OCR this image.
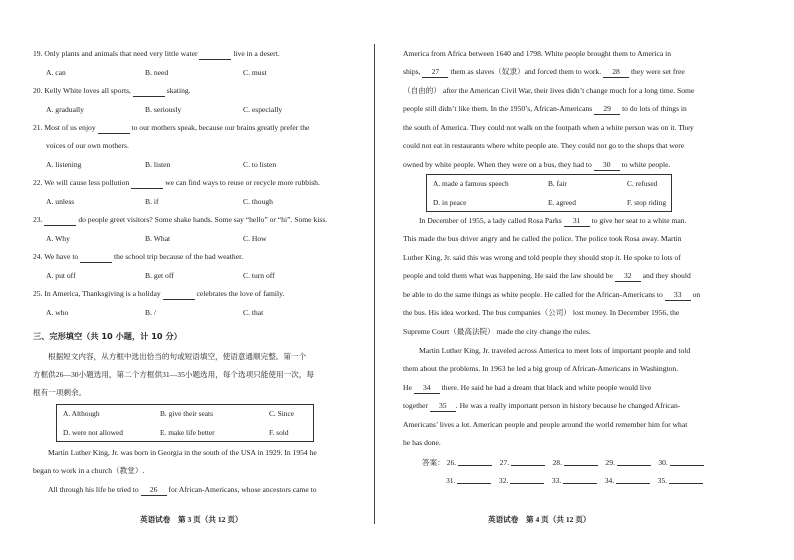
19. Only plants and animals that need very little water	live in a desert.
A. can	B. need	C. must
20. Kelly White loves all sports,	skating.
A. gradually	B. seriously	C. especially
21. Most of us enjoy	to our mothers speak, because our brains greatly prefer the
voices of our own mothers.
A. listening	B. listen	C. to listen
22. We will cause less pollution	we can find ways to reuse or recycle more rubbish.
A. unless	B. if	C. though
23.	do people greet visitors? Some shake hands. Some say “hello” or “hi”. Some kiss.
A. Why	B. What	C. How
24. We have to	the school trip because of the bad weather.
A. put off	B. get off	C. turn off
25. In America, Thanksgiving is a holiday	celebrates the love of family.
A. who	B. /	C. that
三、完形填空（共 10 小题，计 10 分）
根据短文内容，从方框中选出恰当的句或短语填空，使语意通顺完整。第一个
方框供26—30小题选用，第二个方框供31—35小题选用，每个选项只能使用一次，每
框有一项剩余。
A. Although	B. give their seats	C. Since
D. were not allowed	E. make life better	F. sold
Martin Luther King, Jr. was born in Georgia in the south of the USA in 1929. In 1954 he
began to work in a church（教堂）.
All through his life he tried to 26 for African-Americans, whose ancestors came to
英语试卷　第 3 页（共 12 页）
America from Africa between 1640 and 1798. White people brought them to America in
ships, 27 them as slaves（奴隶）and forced them to work. 28 they were set free
（自由的） after the American Civil War, their lives didn’t change much for a long time. Some
people still didn’t like them. In the 1950’s, African-Americans 29 to do lots of things in
the south of America. They could not walk on the footpath when a white person was on it. They
could not eat in restaurants where white people ate. They could not go to the shops that were
owned by white people. When they were on a bus, they had to 30 to white people.
A. made a famous speech	B. fair	C. refused
D. in peace	E. agreed	F. stop riding
In December of 1955, a lady called Rosa Parks 31 to give her seat to a white man.
This made the bus driver angry and he called the police. The police took Rosa away. Martin
Luther King, Jr. said this was wrong and told people they should stop it. He spoke to lots of
people and told them what was happening. He said the law should be 32 and they should
be able to do the same things as white people. He called for the African-Americans to 33 on
the bus. His idea worked. The bus companies（公司） lost money. In December 1956, the
Supreme Court（最高法院） made the city change the rules.
Martin Luther King, Jr. traveled across America to meet lots of important people and told
them about the problems. In 1963 he led a big group of African-Americans in Washington.
He 34 there. He said he had a dream that black and white people would live
together 35 . He was a really important person in history because he changed African-
Americans’ lives a lot. American people and people around the world remember him for what
he has done.
答案： 26.	27.	28.	29.	30.
31.	32.	33.	34.	35.
英语试卷　第 4 页（共 12 页）
